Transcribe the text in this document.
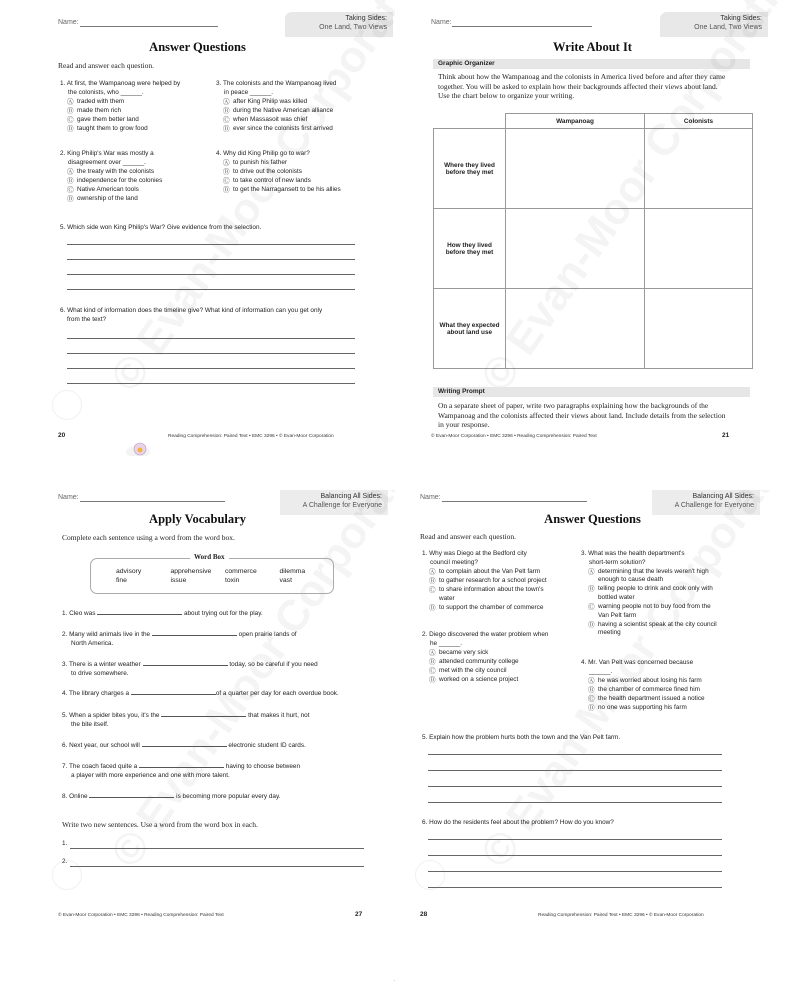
Name:
Taking Sides:
One Land, Two Views
Answer Questions
Read and answer each question.
1. At first, the Wampanoag were helped by
the colonists, who ______.
Ⓐ traded with them
Ⓑ made them rich
Ⓒ gave them better land
Ⓓ taught them to grow food
3. The colonists and the Wampanoag lived
in peace ______.
Ⓐ after King Philip was killed
Ⓑ during the Native American alliance
Ⓒ when Massasoit was chief
Ⓓ ever since the colonists first arrived
2. King Philip's War was mostly a
disagreement over ______.
Ⓐ the treaty with the colonists
Ⓑ independence for the colonies
Ⓒ Native American tools
Ⓓ ownership of the land
4. Why did King Philip go to war?
Ⓐ to punish his father
Ⓑ to drive out the colonists
Ⓒ to take control of new lands
Ⓓ to get the Narragansett to be his allies
5. Which side won King Philip's War? Give evidence from the selection.
6. What kind of information does the timeline give? What kind of information can you get only
from the text?
20	Reading Comprehension: Paired Text • EMC 3296 • © Evan-Moor Corporation
Name:
Taking Sides:
One Land, Two Views
Write About It
Graphic Organizer
Think about how the Wampanoag and the colonists in America lived before and after they came together. You will be asked to explain how their backgrounds affected their views about land. Use the chart below to organize your writing.
	Wampanoag	Colonists
Where they lived before they met		
How they lived before they met		
What they expected about land use		
Writing Prompt
On a separate sheet of paper, write two paragraphs explaining how the backgrounds of the Wampanoag and the colonists affected their views about land. Include details from the selection in your response.
© Evan-Moor Corporation • EMC 3296 • Reading Comprehension: Paired Text	21
Name:	Balancing All Sides:
A Challenge for Everyone
Apply Vocabulary
Complete each sentence using a word from the word box.
Word Box
advisory	apprehensive	commerce	dilemma
fine	issue	toxin	vast
1. Cleo was	about trying out for the play.
2. Many wild animals live in the	open prairie lands of
North America.
3. There is a winter weather	today, so be careful if you need
to drive somewhere.
4. The library charges a	of a quarter per day for each overdue book.
5. When a spider bites you, it's the	that makes it hurt, not
the bite itself.
6. Next year, our school will	electronic student ID cards.
7. The coach faced quite a	having to choose between
a player with more experience and one with more talent.
8. Online	is becoming more popular every day.
Write two new sentences. Use a word from the word box in each.
1.
2.
© Evan-Moor Corporation • EMC 3296 • Reading Comprehension: Paired Text	27
Name:	Balancing All Sides:
A Challenge for Everyone
Answer Questions
Read and answer each question.
1. Why was Diego at the Bedford city
council meeting?
Ⓐ to complain about the Van Pelt farm
Ⓑ to gather research for a school project
Ⓒ to share information about the town's water
Ⓓ to support the chamber of commerce
2. Diego discovered the water problem when
he ______.
Ⓐ became very sick
Ⓑ attended community college
Ⓒ met with the city council
Ⓓ worked on a science project
3. What was the health department's
short-term solution?
Ⓐ determining that the levels weren't high enough to cause death
Ⓑ telling people to drink and cook only with bottled water
Ⓒ warning people not to buy food from the Van Pelt farm
Ⓓ having a scientist speak at the city council meeting
4. Mr. Van Pelt was concerned because
______.
Ⓐ he was worried about losing his farm
Ⓑ the chamber of commerce fined him
Ⓒ the health department issued a notice
Ⓓ no one was supporting his farm
5. Explain how the problem hurts both the town and the Van Pelt farm.
6. How do the residents feel about the problem? How do you know?
28	Reading Comprehension: Paired Text • EMC 3296 • © Evan-Moor Corporation
